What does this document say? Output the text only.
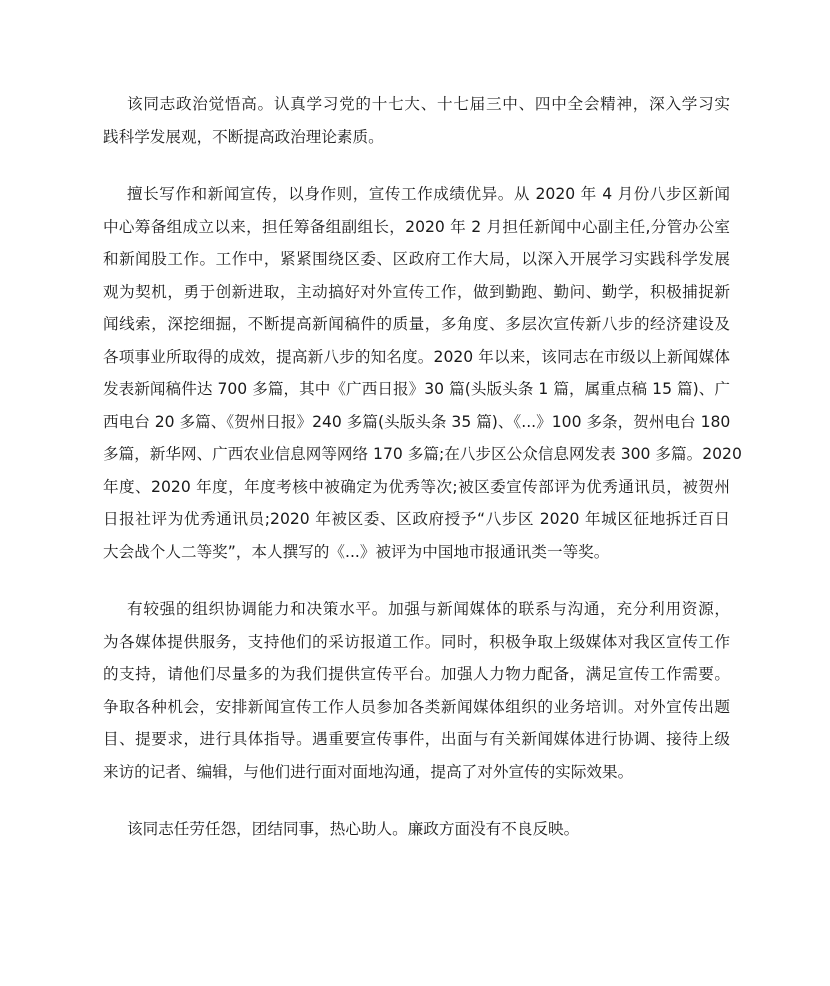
该同志政治觉悟高。认真学习党的十七大、十七届三中、四中全会精神，深入学习实
践科学发展观，不断提高政治理论素质。
擅长写作和新闻宣传，以身作则，宣传工作成绩优异。从 2020 年 4 月份八步区新闻
中心筹备组成立以来，担任筹备组副组长，2020 年 2 月担任新闻中心副主任,分管办公室
和新闻股工作。工作中，紧紧围绕区委、区政府工作大局，以深入开展学习实践科学发展
观为契机，勇于创新进取，主动搞好对外宣传工作，做到勤跑、勤问、勤学，积极捕捉新
闻线索，深挖细掘，不断提高新闻稿件的质量，多角度、多层次宣传新八步的经济建设及
各项事业所取得的成效，提高新八步的知名度。2020 年以来，该同志在市级以上新闻媒体
发表新闻稿件达 700 多篇，其中《广西日报》30 篇(头版头条 1 篇，属重点稿 15 篇)、广
西电台 20 多篇、《贺州日报》240 多篇(头版头条 35 篇)、《...》100 多条，贺州电台 180
多篇，新华网、广西农业信息网等网络 170 多篇;在八步区公众信息网发表 300 多篇。2020
年度、2020 年度，年度考核中被确定为优秀等次;被区委宣传部评为优秀通讯员，被贺州
日报社评为优秀通讯员;2020 年被区委、区政府授予“八步区 2020 年城区征地拆迁百日
大会战个人二等奖”，本人撰写的《...》被评为中国地市报通讯类一等奖。
有较强的组织协调能力和决策水平。加强与新闻媒体的联系与沟通，充分利用资源，
为各媒体提供服务，支持他们的采访报道工作。同时，积极争取上级媒体对我区宣传工作
的支持，请他们尽量多的为我们提供宣传平台。加强人力物力配备，满足宣传工作需要。
争取各种机会，安排新闻宣传工作人员参加各类新闻媒体组织的业务培训。对外宣传出题
目、提要求，进行具体指导。遇重要宣传事件，出面与有关新闻媒体进行协调、接待上级
来访的记者、编辑，与他们进行面对面地沟通，提高了对外宣传的实际效果。
该同志任劳任怨，团结同事，热心助人。廉政方面没有不良反映。
